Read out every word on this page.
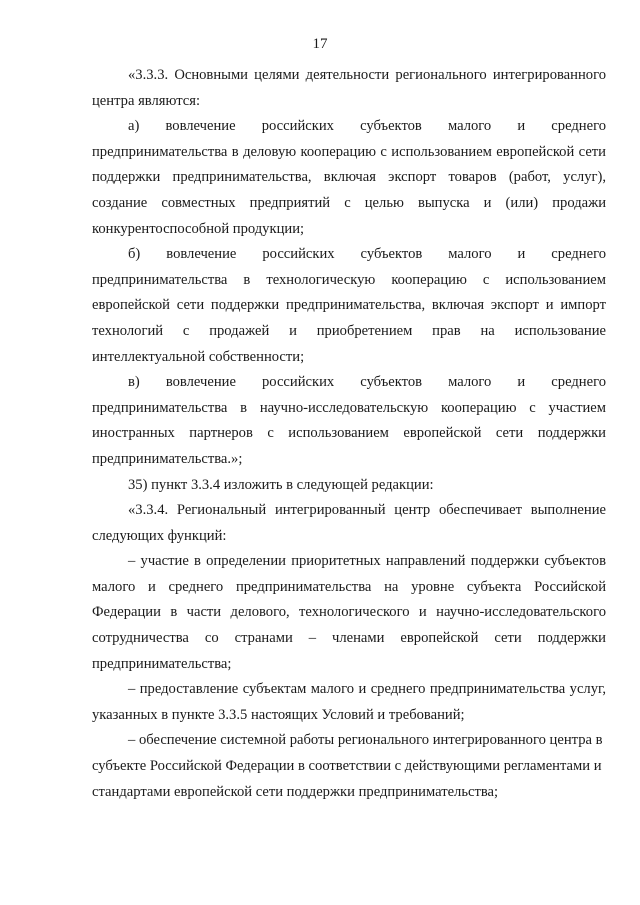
17

«3.3.3. Основными целями деятельности регионального интегрированного центра являются:

а) вовлечение российских субъектов малого и среднего предпринимательства в деловую кооперацию с использованием европейской сети поддержки предпринимательства, включая экспорт товаров (работ, услуг), создание совместных предприятий с целью выпуска и (или) продажи конкурентоспособной продукции;

б) вовлечение российских субъектов малого и среднего предпринимательства в технологическую кооперацию с использованием европейской сети поддержки предпринимательства, включая экспорт и импорт технологий с продажей и приобретением прав на использование интеллектуальной собственности;

в) вовлечение российских субъектов малого и среднего предпринимательства в научно-исследовательскую кооперацию с участием иностранных партнеров с использованием европейской сети поддержки предпринимательства.»;

35) пункт 3.3.4 изложить в следующей редакции:

«3.3.4. Региональный интегрированный центр обеспечивает выполнение следующих функций:

– участие в определении приоритетных направлений поддержки субъектов малого и среднего предпринимательства на уровне субъекта Российской Федерации в части делового, технологического и научно-исследовательского сотрудничества со странами – членами европейской сети поддержки предпринимательства;

– предоставление субъектам малого и среднего предпринимательства услуг, указанных в пункте 3.3.5 настоящих Условий и требований;

– обеспечение системной работы регионального интегрированного центра в субъекте Российской Федерации в соответствии с действующими регламентами и стандартами европейской сети поддержки предпринимательства;
